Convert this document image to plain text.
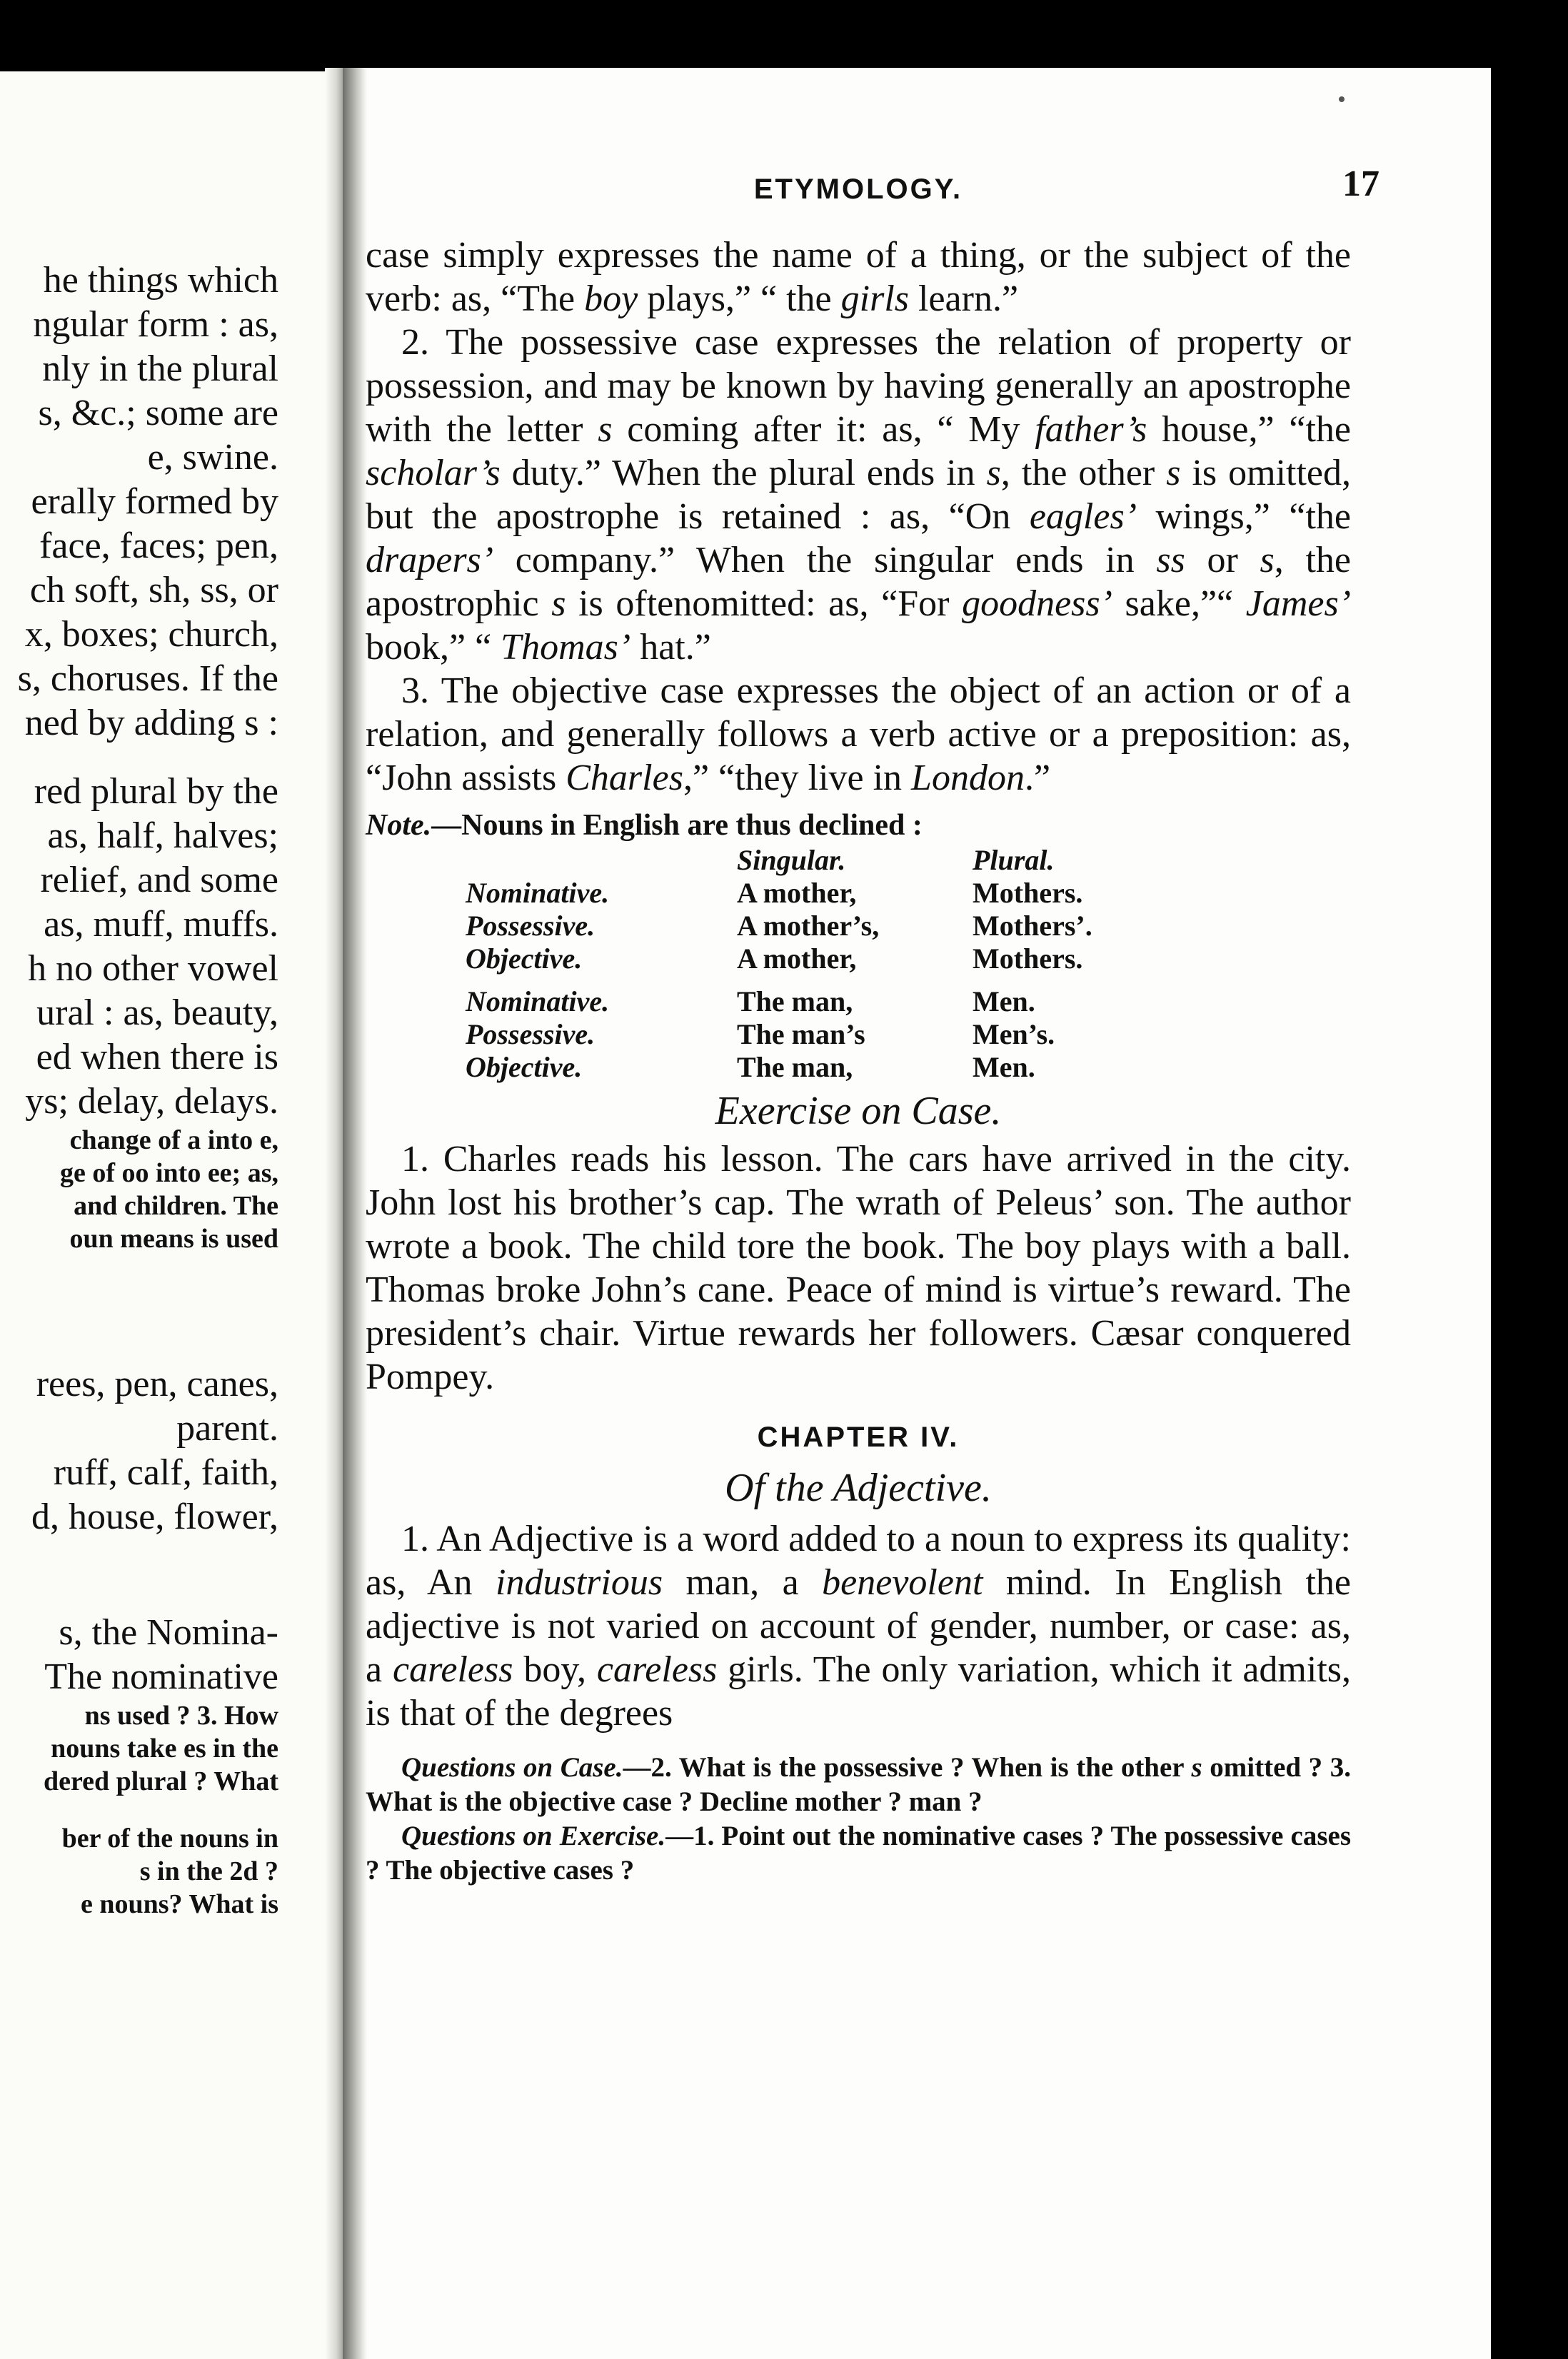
he things which
ngular form : as,
nly in the plural
s, &c.; some are
e, swine.
erally formed by
face, faces; pen,
ch soft, sh, ss, or
x, boxes; church,
s, choruses. If the
ned by adding s :
red plural by the
as, half, halves;
relief, and some
as, muff, muffs.
h no other vowel
ural : as, beauty,
ed when there is
ys; delay, delays.
change of a into e,
ge of oo into ee; as,
and children. The
oun means is used
rees, pen, canes,
parent.
ruff, calf, faith,
d, house, flower,
s, the Nomina-
The nominative
ns used ? 3. How
nouns take es in the
dered plural ? What
ber of the nouns in
s in the 2d ?
e nouns? What is
ETYMOLOGY.	17

case simply expresses the name of a thing, or the subject of the verb: as, “The boy plays,” “ the girls learn.”

2. The possessive case expresses the relation of property or possession, and may be known by having generally an apostrophe with the letter s coming after it: as, “ My father’s house,” “the scholar’s duty.” When the plural ends in s, the other s is omitted, but the apostrophe is retained : as, “On eagles’ wings,” “the drapers’ company.” When the singular ends in ss or s, the apostrophic s is oftenomitted: as, “For goodness’ sake,”“ James’ book,” “ Thomas’ hat.”

3. The objective case expresses the object of an action or of a relation, and generally follows a verb active or a preposition: as, “John assists Charles,” “they live in London.”

Note.—Nouns in English are thus declined :
	Singular.	Plural.
Nominative.	A mother,	Mothers.
Possessive.	A mother’s,	Mothers’.
Objective.	A mother,	Mothers.

Nominative.	The man,	Men.
Possessive.	The man’s	Men’s.
Objective.	The man,	Men.
Exercise on Case.

1. Charles reads his lesson. The cars have arrived in the city. John lost his brother’s cap. The wrath of Peleus’ son. The author wrote a book. The child tore the book. The boy plays with a ball. Thomas broke John’s cane. Peace of mind is virtue’s reward. The president’s chair. Virtue rewards her followers. Cæsar conquered Pompey.

CHAPTER IV.
Of the Adjective.

1. An Adjective is a word added to a noun to express its quality: as, An industrious man, a benevolent mind. In English the adjective is not varied on account of gender, number, or case: as, a careless boy, careless girls. The only variation, which it admits, is that of the degrees

Questions on Case.—2. What is the possessive ? When is the other s omitted ? 3. What is the objective case ? Decline mother ? man ?
Questions on Exercise.—1. Point out the nominative cases ? The possessive cases ? The objective cases ?
